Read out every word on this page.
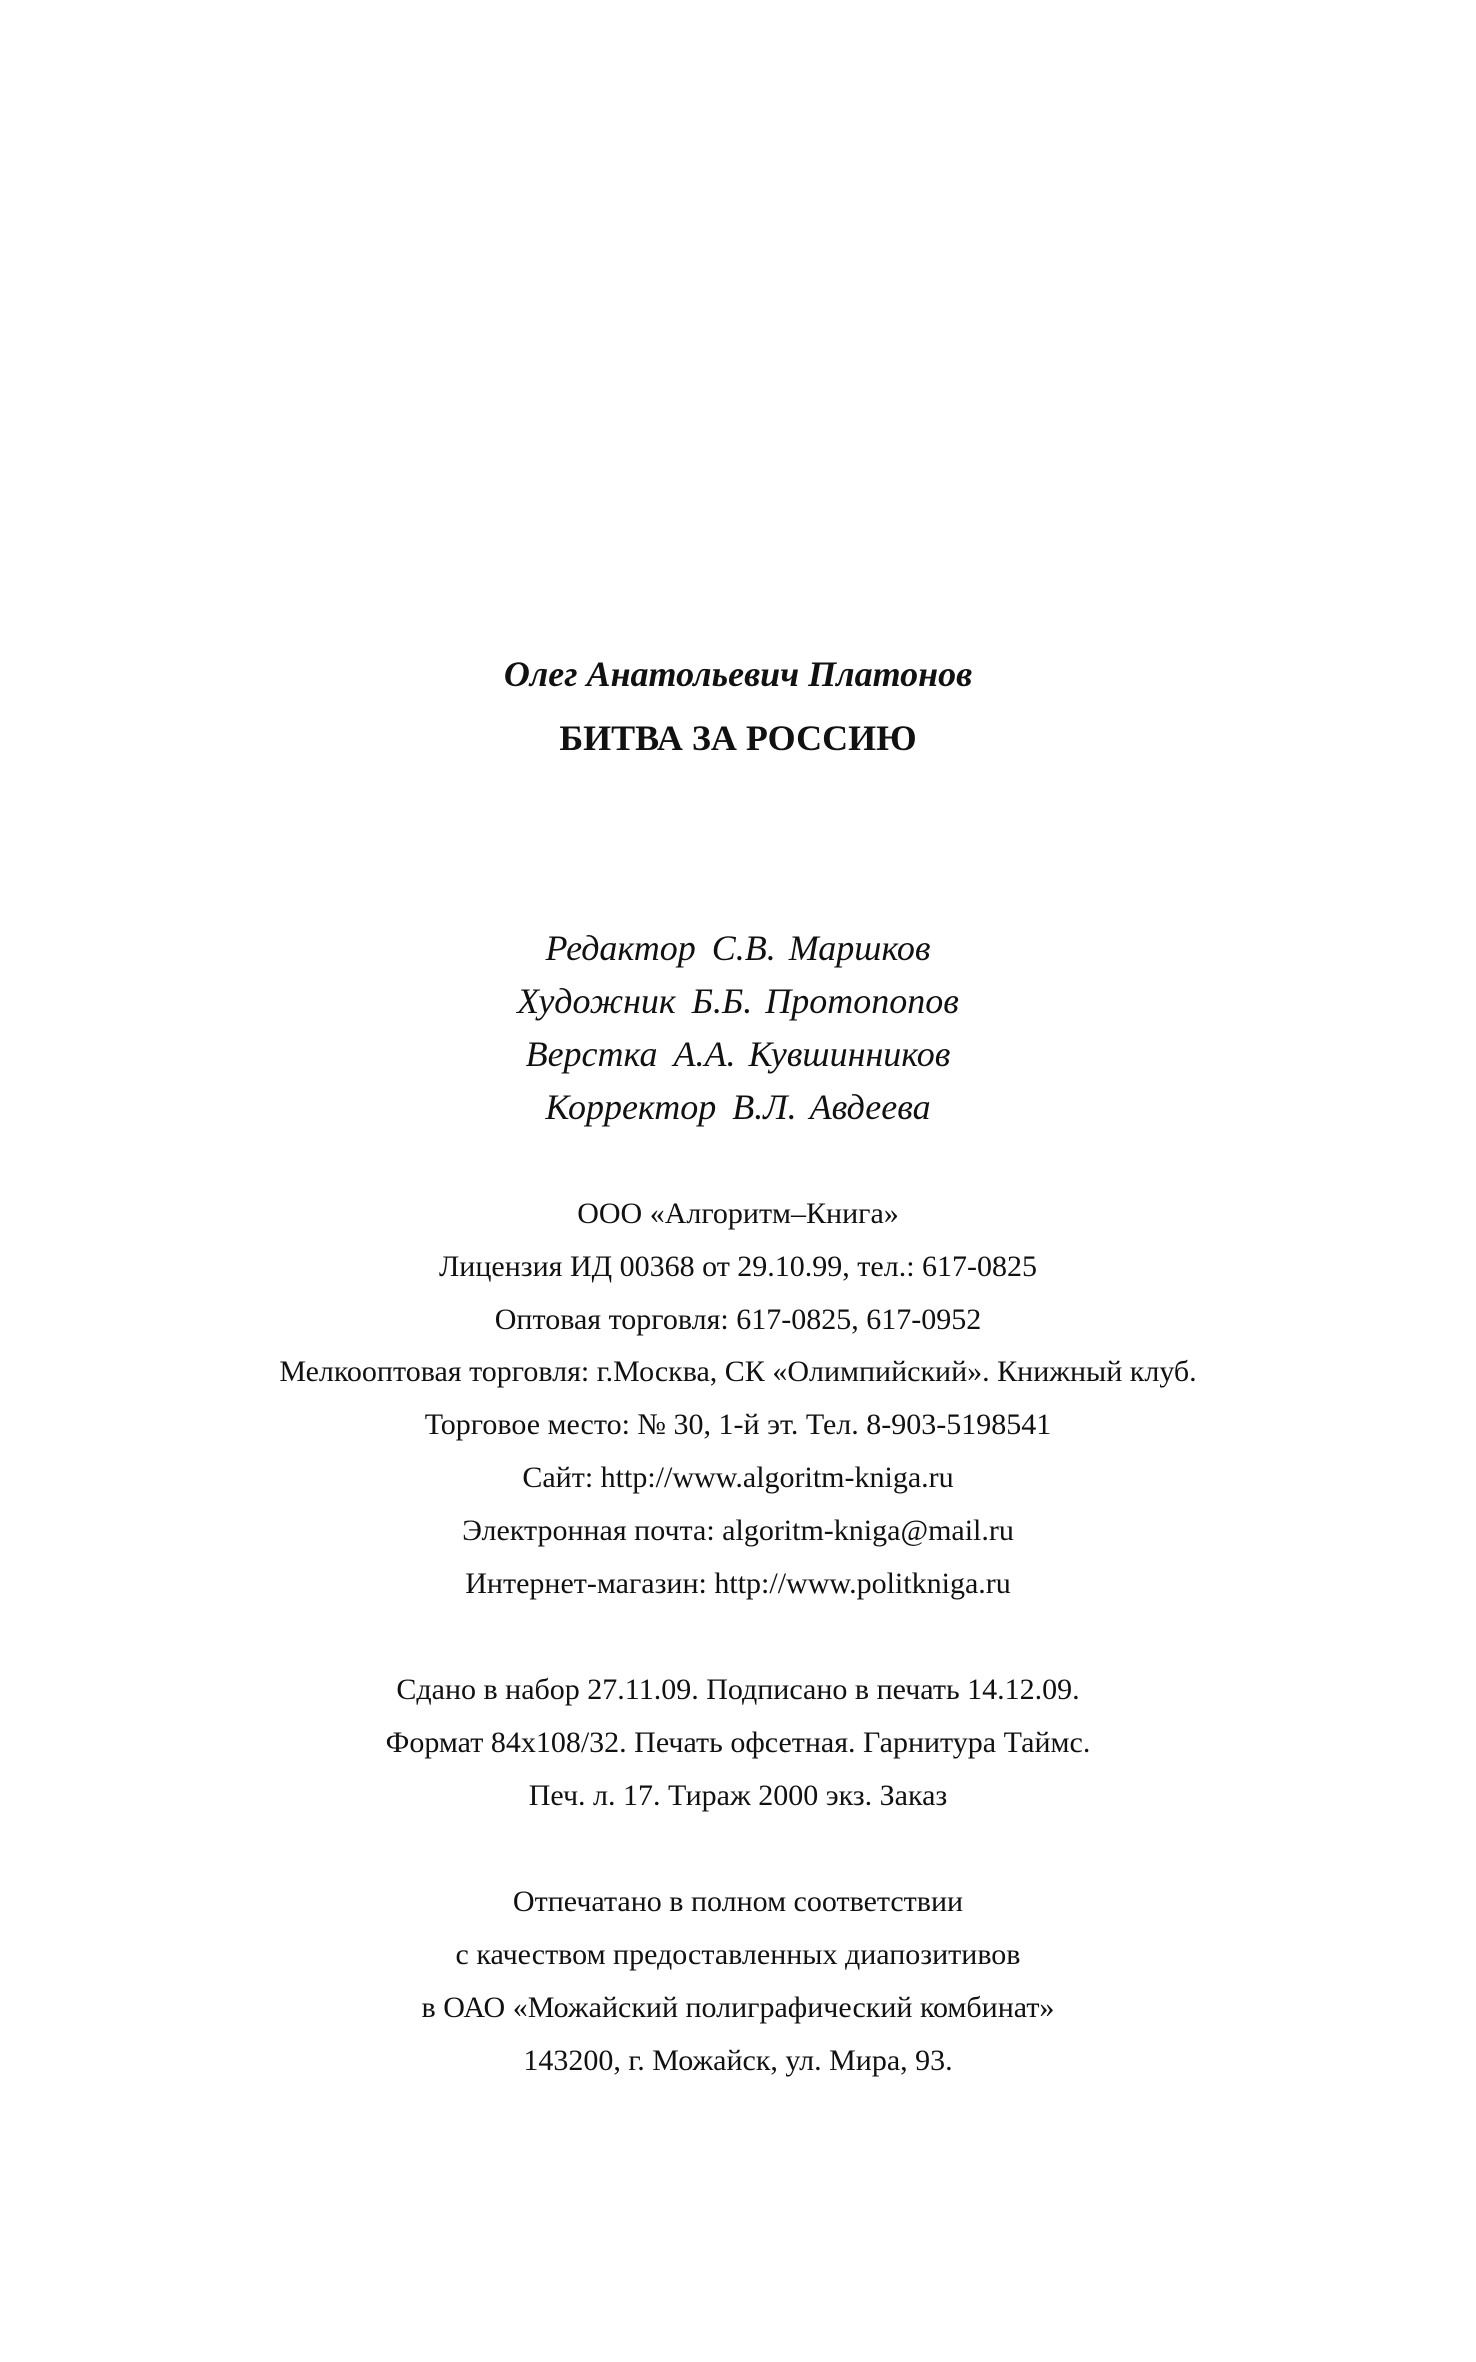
Олег Анатольевич Платонов
БИТВА ЗА РОССИЮ
Редактор С.В. Маршков
Художник Б.Б. Протопопов
Верстка А.А. Кувшинников
Корректор В.Л. Авдеева
ООО «Алгоритм–Книга»
Лицензия ИД 00368 от 29.10.99, тел.: 617-0825
Оптовая торговля: 617-0825, 617-0952
Мелкооптовая торговля: г.Москва, СК «Олимпийский». Книжный клуб.
Торговое место: № 30, 1-й эт. Тел. 8-903-5198541
Сайт: http://www.algoritm-kniga.ru
Электронная почта: algoritm-kniga@mail.ru
Интернет-магазин: http://www.politkniga.ru
Сдано в набор 27.11.09. Подписано в печать 14.12.09.
Формат 84х108/32. Печать офсетная. Гарнитура Таймс.
Печ. л. 17. Тираж 2000 экз. Заказ
Отпечатано в полном соответствии
с качеством предоставленных диапозитивов
в ОАО «Можайский полиграфический комбинат»
143200, г. Можайск, ул. Мира, 93.
